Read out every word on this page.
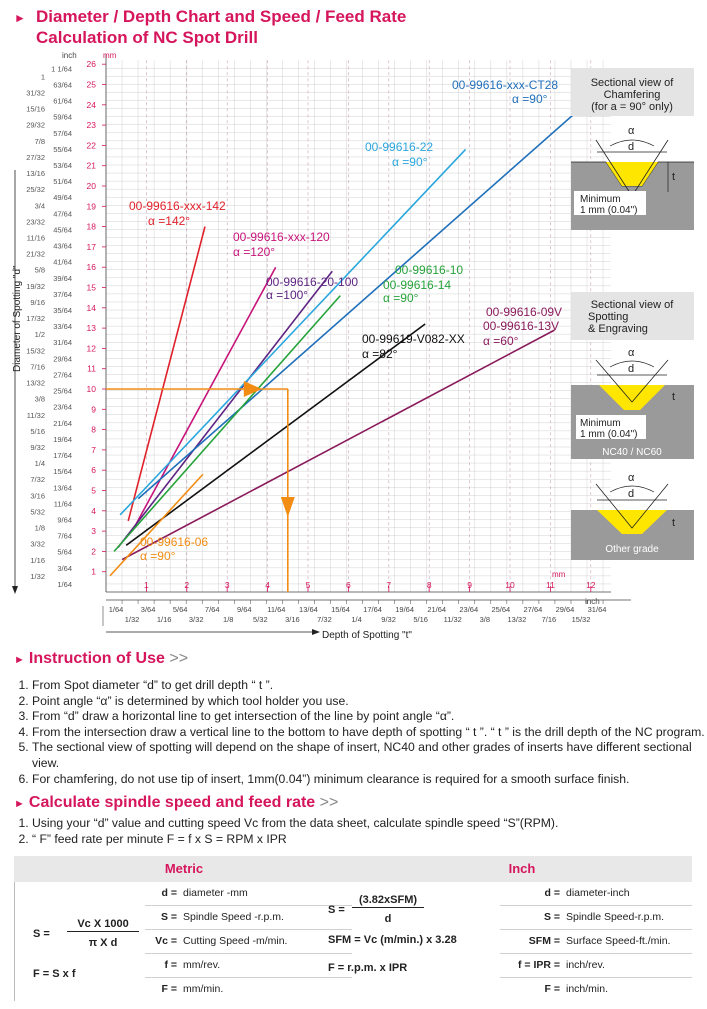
► Diameter / Depth Chart and Speed / Feed Rate
Calculation of NC Spot Drill
1
2
3
4
5
6
7
8
9
10
11
12
13
14
15
16
17
18
19
20
21
22
23
24
25
26
1/64
3/64
5/64
7/64
9/64
11/64
13/64
15/64
17/64
19/64
21/64
23/64
25/64
27/64
29/64
31/64
33/64
35/64
37/64
39/64
41/64
43/64
45/64
47/64
49/64
51/64
53/64
55/64
57/64
59/64
61/64
63/64
1 1/64
1/32
1/16
3/32
1/8
5/32
3/16
7/32
1/4
9/32
5/16
11/32
3/8
13/32
7/16
15/32
1/2
17/32
9/16
19/32
5/8
21/32
11/16
23/32
3/4
25/32
13/16
27/32
7/8
29/32
15/16
31/32
1
1	2	3	4	5	6	7	8	9	10	11	12
1/64 3/64 5/64 7/64 9/64 11/64 13/64 15/64 17/64 19/64 21/64 23/64 25/64 27/64 29/64 31/64
1/32 1/16 3/32	1/8	5/32 3/16 7/32	1/4	9/32 5/16 11/32 3/8 13/32 7/16 15/32
mm
inch
mm
inch
Diameter of Spotting "d"
Depth of Spotting "t"
00-99616-xxx-CT28
α =90°
00-99616-22
α =90°
00-99616-xxx-142
α =142°
00-99616-xxx-120
α =120°
00-99616-20-100
α =100°
00-99616-10
00-99616-14
α =90°
00-99616-09V
00-99616-13V
α =60°
00-99619-V082-XX
α =82°
00-99616-06
α =90°
Sectional view of
Chamfering
(for a = 90° only)
α
d
t
Minimum
1 mm (0.04")
Sectional view of
Spotting
& Engraving
α
d
t
Minimum
1 mm (0.04")
NC40 / NC60
α
d
t
Other grade
► Instruction of Use >>
1. From Spot diameter “d” to get drill depth “ t ”.
2. Point angle “α” is determined by which tool holder you use.
3. From “d” draw a horizontal line to get intersection of the line by point angle “α”.
4. From the intersection draw a vertical line to the bottom to have depth of spotting “ t ”. “ t ” is the drill depth of the NC program.
5. The sectional view of spotting will depend on the shape of insert, NC40 and other grades of inserts have different sectional view.
6. For chamfering, do not use tip of insert, 1mm(0.04”) minimum clearance is required for a smooth surface finish.
► Calculate spindle speed and feed rate >>
1. Using your “d” value and cutting speed Vc from the data sheet, calculate spindle speed “S”(RPM).
2. “ F” feed rate per minute F = f x S = RPM x IPR
Metric
S =
Vc X 1000
π X d
F = S x f
d = diameter -mm
S = Spindle Speed -r.p.m.
Vc = Cutting Speed -m/min.
f = mm/rev.
F = mm/min.
Inch
S =
(3.82xSFM)
d
SFM = Vc (m/min.) x 3.28
F = r.p.m. x IPR
d = diameter-inch
S = Spindle Speed-r.p.m.
SFM = Surface Speed-ft./min.
f = IPR = inch/rev.
F = inch/min.
